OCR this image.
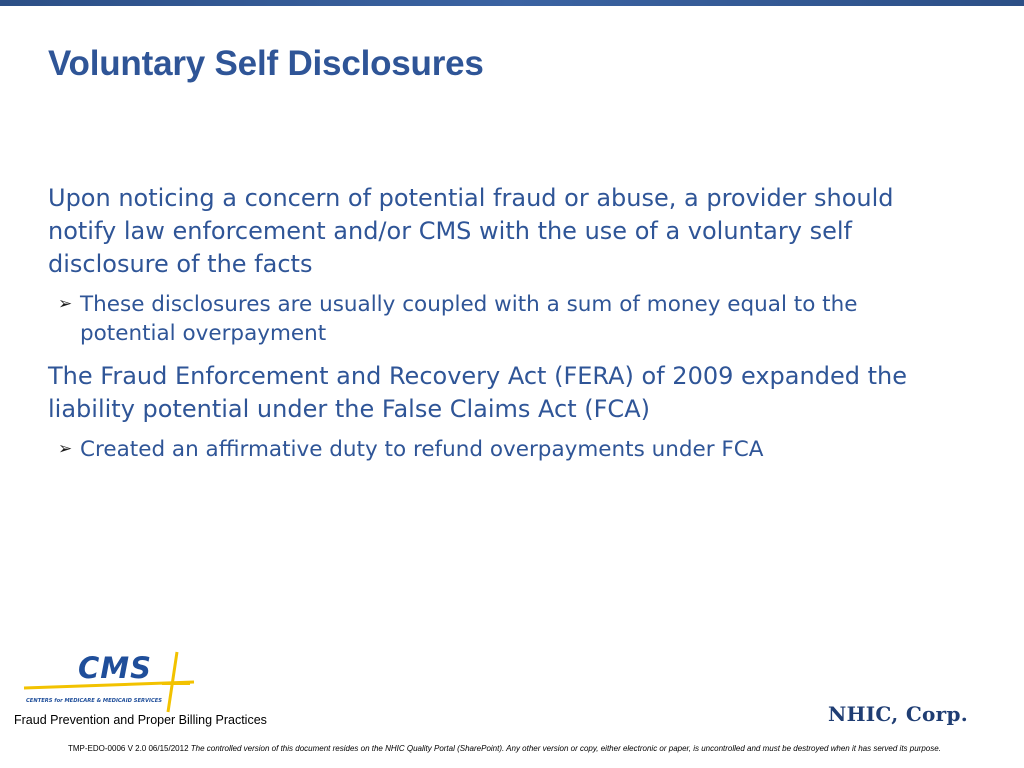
Voluntary Self Disclosures

Upon noticing a concern of potential fraud or abuse, a provider should notify law enforcement and/or CMS with the use of a voluntary self disclosure of the facts

➢ These disclosures are usually coupled with a sum of money equal to the potential overpayment

The Fraud Enforcement and Recovery Act (FERA) of 2009 expanded the liability potential under the False Claims Act (FCA)

➢ Created an affirmative duty to refund overpayments under FCA
CMS
CENTERS for MEDICARE & MEDICAID SERVICES
Fraud Prevention and Proper Billing Practices	NHIC, Corp.
TMP-EDO-0006 V 2.0 06/15/2012 The controlled version of this document resides on the NHIC Quality Portal (SharePoint). Any other version or copy, either electronic or paper, is uncontrolled and must be destroyed when it has served its purpose.
